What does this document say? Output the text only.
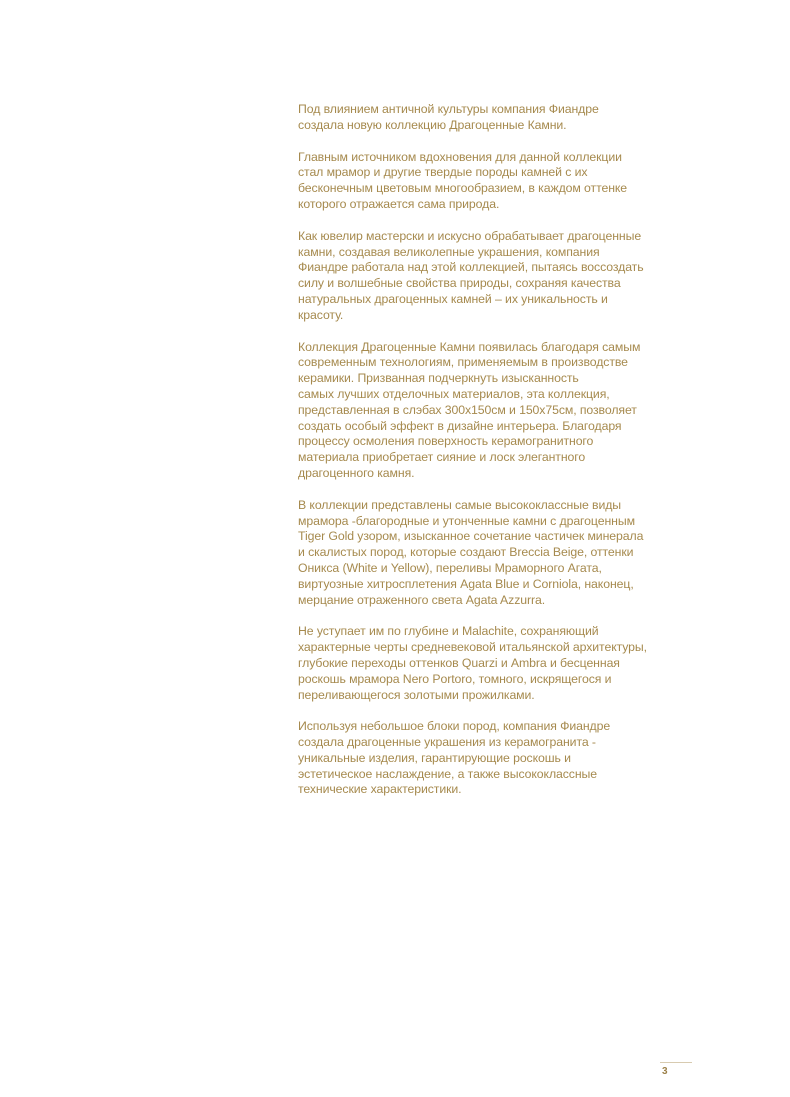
Под влиянием античной культуры компания Фиандре
создала новую коллекцию Драгоценные Камни.

Главным источником вдохновения для данной коллекции
стал мрамор и другие твердые породы камней с их
бесконечным цветовым многообразием, в каждом оттенке
которого отражается сама природа.

Как ювелир мастерски и искусно обрабатывает драгоценные
камни, создавая великолепные украшения, компания
Фиандре работала над этой коллекцией, пытаясь воссоздать
силу и волшебные свойства природы, сохраняя качества
натуральных драгоценных камней – их уникальность и
красоту.

Коллекция Драгоценные Камни появилась благодаря самым
современным технологиям, применяемым в производстве
керамики. Призванная подчеркнуть изысканность
самых лучших отделочных материалов, эта коллекция,
представленная в слэбах 300x150см и 150x75см, позволяет
создать особый эффект в дизайне интерьера. Благодаря
процессу осмоления поверхность керамогранитного
материала приобретает сияние и лоск элегантного
драгоценного камня.

В коллекции представлены самые высококлассные виды
мрамора -благородные и утонченные камни с драгоценным
Tiger Gold узором, изысканное сочетание частичек минерала
и скалистых пород, которые создают Breccia Beige, оттенки
Оникса (White и Yellow), переливы Мраморного Агата,
виртуозные хитросплетения Agata Blue и Corniola, наконец,
мерцание отраженного света Agata Azzurra.

Не уступает им по глубине и Malachite, сохраняющий
характерные черты средневековой итальянской архитектуры,
глубокие переходы оттенков Quarzi и Ambra и бесценная
роскошь мрамора Nero Portoro, томного, искрящегося и
переливающегося золотыми прожилками.

Используя небольшое блоки пород, компания Фиандре
создала драгоценные украшения из керамогранита -
уникальные изделия, гарантирующие роскошь и
эстетическое наслаждение, а также высококлассные
технические характеристики.

3
